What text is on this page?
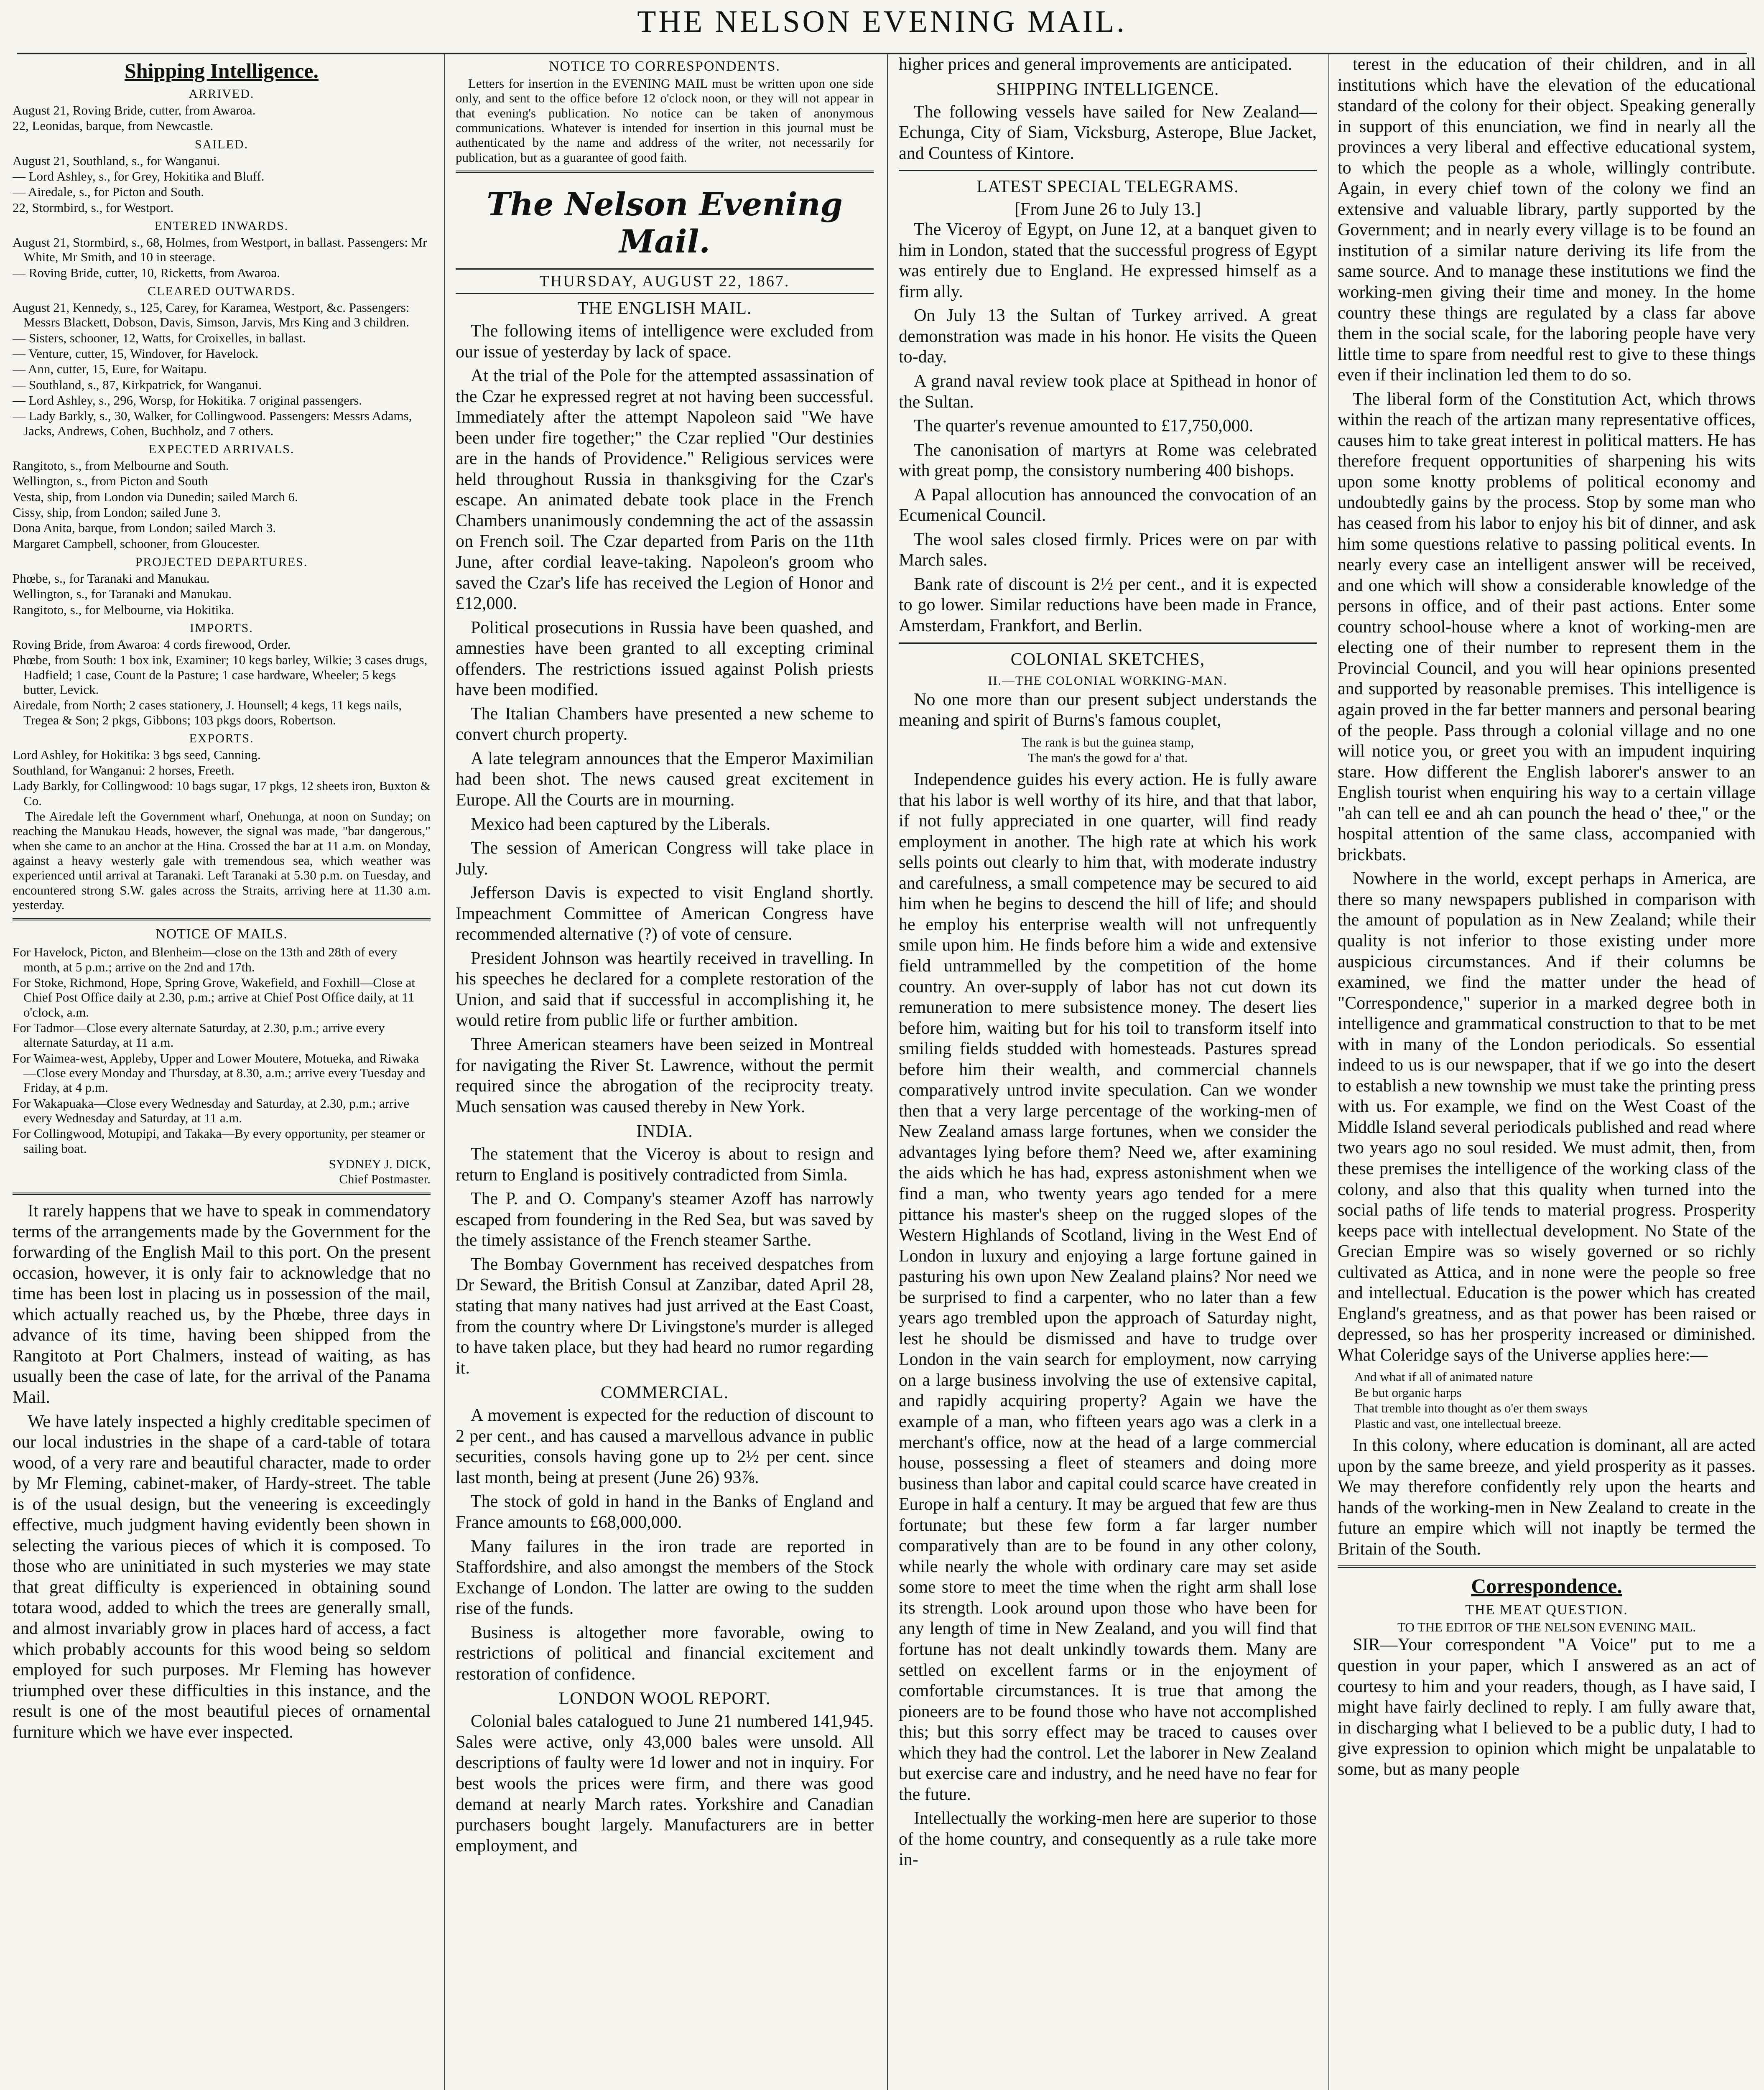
THE NELSON EVENING MAIL.
Shipping Intelligence.
ARRIVED.
August 21, Roving Bride, cutter, from Awaroa.
22, Leonidas, barque, from Newcastle.
SAILED.
August 21, Southland, s., for Wanganui.
— Lord Ashley, s., for Grey, Hokitika and Bluff.
— Airedale, s., for Picton and South.
22, Stormbird, s., for Westport.
ENTERED INWARDS.
August 21, Stormbird, s., 68, Holmes, from Westport, in ballast. Passengers: Mr White, Mr Smith, and 10 in steerage.
— Roving Bride, cutter, 10, Ricketts, from Awaroa.
CLEARED OUTWARDS.
August 21, Kennedy, s., 125, Carey, for Karamea, Westport, &c. Passengers: Messrs Blackett, Dobson, Davis, Simson, Jarvis, Mrs King and 3 children.
— Sisters, schooner, 12, Watts, for Croixelles, in ballast.
— Venture, cutter, 15, Windover, for Havelock.
— Ann, cutter, 15, Eure, for Waitapu.
— Southland, s., 87, Kirkpatrick, for Wanganui.
— Lord Ashley, s., 296, Worsp, for Hokitika. 7 original passengers.
— Lady Barkly, s., 30, Walker, for Collingwood. Passengers: Messrs Adams, Jacks, Andrews, Cohen, Buchholz, and 7 others.
EXPECTED ARRIVALS.
Rangitoto, s., from Melbourne and South.
Wellington, s., from Picton and South
Vesta, ship, from London via Dunedin; sailed March 6.
Cissy, ship, from London; sailed June 3.
Dona Anita, barque, from London; sailed March 3.
Margaret Campbell, schooner, from Gloucester.
PROJECTED DEPARTURES.
Phœbe, s., for Taranaki and Manukau.
Wellington, s., for Taranaki and Manukau.
Rangitoto, s., for Melbourne, via Hokitika.
IMPORTS.
Roving Bride, from Awaroa: 4 cords firewood, Order.
Phœbe, from South: 1 box ink, Examiner; 10 kegs barley, Wilkie; 3 cases drugs, Hadfield; 1 case, Count de la Pasture; 1 case hardware, Wheeler; 5 kegs butter, Levick.
Airedale, from North; 2 cases stationery, J. Hounsell; 4 kegs, 11 kegs nails, Tregea & Son; 2 pkgs, Gibbons; 103 pkgs doors, Robertson.
EXPORTS.
Lord Ashley, for Hokitika: 3 bgs seed, Canning.
Southland, for Wanganui: 2 horses, Freeth.
Lady Barkly, for Collingwood: 10 bags sugar, 17 pkgs, 12 sheets iron, Buxton & Co.

The Airedale left the Government wharf, Onehunga, at noon on Sunday; on reaching the Manukau Heads, however, the signal was made, "bar dangerous," when she came to an anchor at the Hina. Crossed the bar at 11 a.m. on Monday, against a heavy westerly gale with tremendous sea, which weather was experienced until arrival at Taranaki. Left Taranaki at 5.30 p.m. on Tuesday, and encountered strong S.W. gales across the Straits, arriving here at 11.30 a.m. yesterday.

NOTICE OF MAILS.
For Havelock, Picton, and Blenheim—close on the 13th and 28th of every month, at 5 p.m.; arrive on the 2nd and 17th.
For Stoke, Richmond, Hope, Spring Grove, Wakefield, and Foxhill—Close at Chief Post Office daily at 2.30, p.m.; arrive at Chief Post Office daily, at 11 o'clock, a.m.
For Tadmor—Close every alternate Saturday, at 2.30, p.m.; arrive every alternate Saturday, at 11 a.m.
For Waimea-west, Appleby, Upper and Lower Moutere, Motueka, and Riwaka—Close every Monday and Thursday, at 8.30, a.m.; arrive every Tuesday and Friday, at 4 p.m.
For Wakapuaka—Close every Wednesday and Saturday, at 2.30, p.m.; arrive every Wednesday and Saturday, at 11 a.m.
For Collingwood, Motupipi, and Takaka—By every opportunity, per steamer or sailing boat.
SYDNEY J. DICK,
Chief Postmaster.

It rarely happens that we have to speak in commendatory terms of the arrangements made by the Government for the forwarding of the English Mail to this port. On the present occasion, however, it is only fair to acknowledge that no time has been lost in placing us in possession of the mail, which actually reached us, by the Phœbe, three days in advance of its time, having been shipped from the Rangitoto at Port Chalmers, instead of waiting, as has usually been the case of late, for the arrival of the Panama Mail.

We have lately inspected a highly creditable specimen of our local industries in the shape of a card-table of totara wood, of a very rare and beautiful character, made to order by Mr Fleming, cabinet-maker, of Hardy-street. The table is of the usual design, but the veneering is exceedingly effective, much judgment having evidently been shown in selecting the various pieces of which it is composed. To those who are uninitiated in such mysteries we may state that great difficulty is experienced in obtaining sound totara wood, added to which the trees are generally small, and almost invariably grow in places hard of access, a fact which probably accounts for this wood being so seldom employed for such purposes. Mr Fleming has however triumphed over these difficulties in this instance, and the result is one of the most beautiful pieces of ornamental furniture which we have ever inspected.

NOTICE TO CORRESPONDENTS.

Letters for insertion in the EVENING MAIL must be written upon one side only, and sent to the office before 12 o'clock noon, or they will not appear in that evening's publication. No notice can be taken of anonymous communications. Whatever is intended for insertion in this journal must be authenticated by the name and address of the writer, not necessarily for publication, but as a guarantee of good faith.

The Nelson Evening Mail.
THURSDAY, AUGUST 22, 1867.
THE ENGLISH MAIL.

The following items of intelligence were excluded from our issue of yesterday by lack of space.

At the trial of the Pole for the attempted assassination of the Czar he expressed regret at not having been successful. Immediately after the attempt Napoleon said "We have been under fire together;" the Czar replied "Our destinies are in the hands of Providence." Religious services were held throughout Russia in thanksgiving for the Czar's escape. An animated debate took place in the French Chambers unanimously condemning the act of the assassin on French soil. The Czar departed from Paris on the 11th June, after cordial leave-taking. Napoleon's groom who saved the Czar's life has received the Legion of Honor and £12,000.

Political prosecutions in Russia have been quashed, and amnesties have been granted to all excepting criminal offenders. The restrictions issued against Polish priests have been modified.

The Italian Chambers have presented a new scheme to convert church property.

A late telegram announces that the Emperor Maximilian had been shot. The news caused great excitement in Europe. All the Courts are in mourning.

Mexico had been captured by the Liberals.

The session of American Congress will take place in July.

Jefferson Davis is expected to visit England shortly. Impeachment Committee of American Congress have recommended alternative (?) of vote of censure.

President Johnson was heartily received in travelling. In his speeches he declared for a complete restoration of the Union, and said that if successful in accomplishing it, he would retire from public life or further ambition.

Three American steamers have been seized in Montreal for navigating the River St. Lawrence, without the permit required since the abrogation of the reciprocity treaty. Much sensation was caused thereby in New York.

INDIA.

The statement that the Viceroy is about to resign and return to England is positively contradicted from Simla.

The P. and O. Company's steamer Azoff has narrowly escaped from foundering in the Red Sea, but was saved by the timely assistance of the French steamer Sarthe.

The Bombay Government has received despatches from Dr Seward, the British Consul at Zanzibar, dated April 28, stating that many natives had just arrived at the East Coast, from the country where Dr Livingstone's murder is alleged to have taken place, but they had heard no rumor regarding it.

COMMERCIAL.

A movement is expected for the reduction of discount to 2 per cent., and has caused a marvellous advance in public securities, consols having gone up to 2½ per cent. since last month, being at present (June 26) 93⅞.

The stock of gold in hand in the Banks of England and France amounts to £68,000,000.

Many failures in the iron trade are reported in Staffordshire, and also amongst the members of the Stock Exchange of London. The latter are owing to the sudden rise of the funds.

Business is altogether more favorable, owing to restrictions of political and financial excitement and restoration of confidence.

LONDON WOOL REPORT.

Colonial bales catalogued to June 21 numbered 141,945. Sales were active, only 43,000 bales were unsold. All descriptions of faulty were 1d lower and not in inquiry. For best wools the prices were firm, and there was good demand at nearly March rates. Yorkshire and Canadian purchasers bought largely. Manufacturers are in better employment, and

higher prices and general improvements are anticipated.

SHIPPING INTELLIGENCE.

The following vessels have sailed for New Zealand—Echunga, City of Siam, Vicksburg, Asterope, Blue Jacket, and Countess of Kintore.

LATEST SPECIAL TELEGRAMS.
[From June 26 to July 13.]

The Viceroy of Egypt, on June 12, at a banquet given to him in London, stated that the successful progress of Egypt was entirely due to England. He expressed himself as a firm ally.

On July 13 the Sultan of Turkey arrived. A great demonstration was made in his honor. He visits the Queen to-day.

A grand naval review took place at Spithead in honor of the Sultan.

The quarter's revenue amounted to £17,750,000.

The canonisation of martyrs at Rome was celebrated with great pomp, the consistory numbering 400 bishops.

A Papal allocution has announced the convocation of an Ecumenical Council.

The wool sales closed firmly. Prices were on par with March sales.

Bank rate of discount is 2½ per cent., and it is expected to go lower. Similar reductions have been made in France, Amsterdam, Frankfort, and Berlin.

COLONIAL SKETCHES,
II.—THE COLONIAL WORKING-MAN.

No one more than our present subject understands the meaning and spirit of Burns's famous couplet,

The rank is but the guinea stamp,
The man's the gowd for a' that.

Independence guides his every action. He is fully aware that his labor is well worthy of its hire, and that that labor, if not fully appreciated in one quarter, will find ready employment in another. The high rate at which his work sells points out clearly to him that, with moderate industry and carefulness, a small competence may be secured to aid him when he begins to descend the hill of life; and should he employ his enterprise wealth will not unfrequently smile upon him. He finds before him a wide and extensive field untrammelled by the competition of the home country. An over-supply of labor has not cut down its remuneration to mere subsistence money. The desert lies before him, waiting but for his toil to transform itself into smiling fields studded with homesteads. Pastures spread before him their wealth, and commercial channels comparatively untrod invite speculation. Can we wonder then that a very large percentage of the working-men of New Zealand amass large fortunes, when we consider the advantages lying before them? Need we, after examining the aids which he has had, express astonishment when we find a man, who twenty years ago tended for a mere pittance his master's sheep on the rugged slopes of the Western Highlands of Scotland, living in the West End of London in luxury and enjoying a large fortune gained in pasturing his own upon New Zealand plains? Nor need we be surprised to find a carpenter, who no later than a few years ago trembled upon the approach of Saturday night, lest he should be dismissed and have to trudge over London in the vain search for employment, now carrying on a large business involving the use of extensive capital, and rapidly acquiring property? Again we have the example of a man, who fifteen years ago was a clerk in a merchant's office, now at the head of a large commercial house, possessing a fleet of steamers and doing more business than labor and capital could scarce have created in Europe in half a century. It may be argued that few are thus fortunate; but these few form a far larger number comparatively than are to be found in any other colony, while nearly the whole with ordinary care may set aside some store to meet the time when the right arm shall lose its strength. Look around upon those who have been for any length of time in New Zealand, and you will find that fortune has not dealt unkindly towards them. Many are settled on excellent farms or in the enjoyment of comfortable circumstances. It is true that among the pioneers are to be found those who have not accomplished this; but this sorry effect may be traced to causes over which they had the control. Let the laborer in New Zealand but exercise care and industry, and he need have no fear for the future.

Intellectually the working-men here are superior to those of the home country, and consequently as a rule take more in-

terest in the education of their children, and in all institutions which have the elevation of the educational standard of the colony for their object. Speaking generally in support of this enunciation, we find in nearly all the provinces a very liberal and effective educational system, to which the people as a whole, willingly contribute. Again, in every chief town of the colony we find an extensive and valuable library, partly supported by the Government; and in nearly every village is to be found an institution of a similar nature deriving its life from the same source. And to manage these institutions we find the working-men giving their time and money. In the home country these things are regulated by a class far above them in the social scale, for the laboring people have very little time to spare from needful rest to give to these things even if their inclination led them to do so.

The liberal form of the Constitution Act, which throws within the reach of the artizan many representative offices, causes him to take great interest in political matters. He has therefore frequent opportunities of sharpening his wits upon some knotty problems of political economy and undoubtedly gains by the process. Stop by some man who has ceased from his labor to enjoy his bit of dinner, and ask him some questions relative to passing political events. In nearly every case an intelligent answer will be received, and one which will show a considerable knowledge of the persons in office, and of their past actions. Enter some country school-house where a knot of working-men are electing one of their number to represent them in the Provincial Council, and you will hear opinions presented and supported by reasonable premises. This intelligence is again proved in the far better manners and personal bearing of the people. Pass through a colonial village and no one will notice you, or greet you with an impudent inquiring stare. How different the English laborer's answer to an English tourist when enquiring his way to a certain village "ah can tell ee and ah can pounch the head o' thee," or the hospital attention of the same class, accompanied with brickbats.

Nowhere in the world, except perhaps in America, are there so many newspapers published in comparison with the amount of population as in New Zealand; while their quality is not inferior to those existing under more auspicious circumstances. And if their columns be examined, we find the matter under the head of "Correspondence," superior in a marked degree both in intelligence and grammatical construction to that to be met with in many of the London periodicals. So essential indeed to us is our newspaper, that if we go into the desert to establish a new township we must take the printing press with us. For example, we find on the West Coast of the Middle Island several periodicals published and read where two years ago no soul resided. We must admit, then, from these premises the intelligence of the working class of the colony, and also that this quality when turned into the social paths of life tends to material progress. Prosperity keeps pace with intellectual development. No State of the Grecian Empire was so wisely governed or so richly cultivated as Attica, and in none were the people so free and intellectual. Education is the power which has created England's greatness, and as that power has been raised or depressed, so has her prosperity increased or diminished. What Coleridge says of the Universe applies here:—

And what if all of animated nature
Be but organic harps
That tremble into thought as o'er them sways
Plastic and vast, one intellectual breeze.

In this colony, where education is dominant, all are acted upon by the same breeze, and yield prosperity as it passes. We may therefore confidently rely upon the hearts and hands of the working-men in New Zealand to create in the future an empire which will not inaptly be termed the Britain of the South.

Correspondence.
THE MEAT QUESTION.
TO THE EDITOR OF THE NELSON EVENING MAIL.

SIR—Your correspondent "A Voice" put to me a question in your paper, which I answered as an act of courtesy to him and your readers, though, as I have said, I might have fairly declined to reply. I am fully aware that, in discharging what I believed to be a public duty, I had to give expression to opinion which might be unpalatable to some, but as many people
